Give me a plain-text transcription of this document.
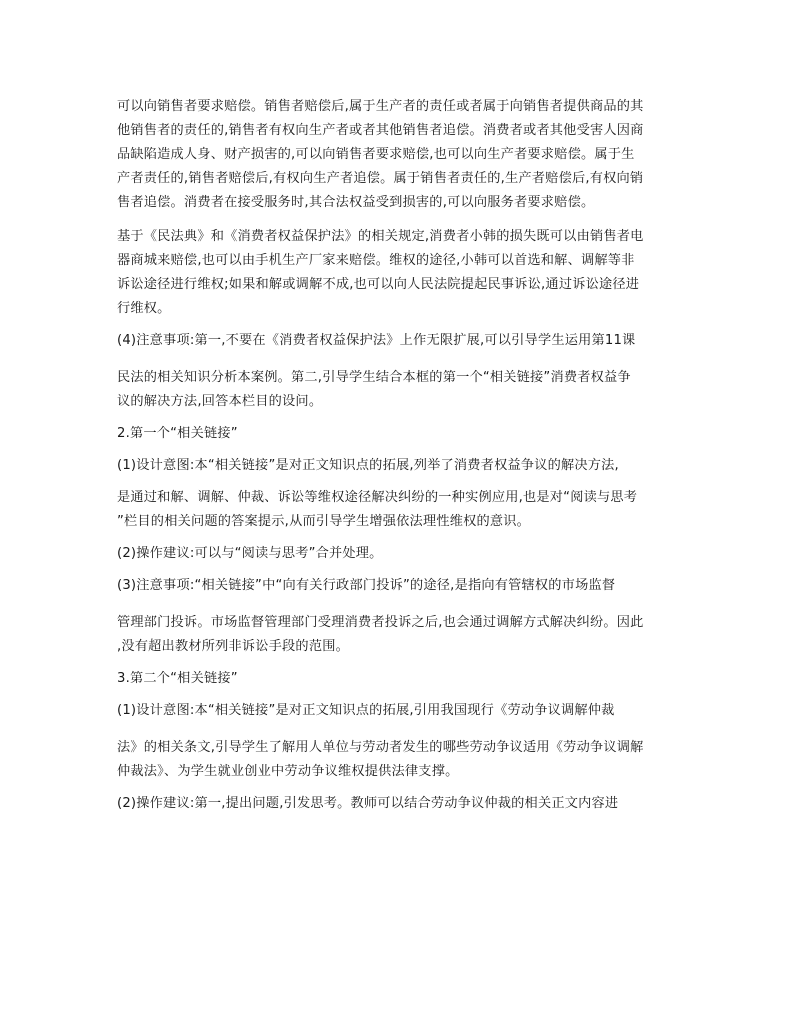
可以向销售者要求赔偿。销售者赔偿后,属于生产者的责任或者属于向销售者提供商品的其
他销售者的责任的,销售者有权向生产者或者其他销售者追偿。消费者或者其他受害人因商
品缺陷造成人身、财产损害的,可以向销售者要求赔偿,也可以向生产者要求赔偿。属于生
产者责任的,销售者赔偿后,有权向生产者追偿。属于销售者责任的,生产者赔偿后,有权向销
售者追偿。消费者在接受服务时,其合法权益受到损害的,可以向服务者要求赔偿。
基于《民法典》和《消费者权益保护法》的相关规定,消费者小韩的损失既可以由销售者电
器商城来赔偿,也可以由手机生产厂家来赔偿。维权的途径,小韩可以首选和解、调解等非
诉讼途径进行维权;如果和解或调解不成,也可以向人民法院提起民事诉讼,通过诉讼途径进
行维权。
(4)注意事项:第一,不要在《消费者权益保护法》上作无限扩展,可以引导学生运用第11课
民法的相关知识分析本案例。第二,引导学生结合本框的第一个“相关链接”消费者权益争
议的解决方法,回答本栏目的设问。
2.第一个“相关链接”
(1)设计意图:本“相关链接”是对正文知识点的拓展,列举了消费者权益争议的解决方法,
是通过和解、调解、仲裁、诉讼等维权途径解决纠纷的一种实例应用,也是对“阅读与思考
”栏目的相关问题的答案提示,从而引导学生增强依法理性维权的意识。
(2)操作建议:可以与“阅读与思考”合并处理。
(3)注意事项:“相关链接”中“向有关行政部门投诉”的途径,是指向有管辖权的市场监督
管理部门投诉。市场监督管理部门受理消费者投诉之后,也会通过调解方式解决纠纷。因此
,没有超出教材所列非诉讼手段的范围。
3.第二个“相关链接”
(1)设计意图:本“相关链接”是对正文知识点的拓展,引用我国现行《劳动争议调解仲裁
法》的相关条文,引导学生了解用人单位与劳动者发生的哪些劳动争议适用《劳动争议调解
仲裁法》、为学生就业创业中劳动争议维权提供法律支撑。
(2)操作建议:第一,提出问题,引发思考。教师可以结合劳动争议仲裁的相关正文内容进
